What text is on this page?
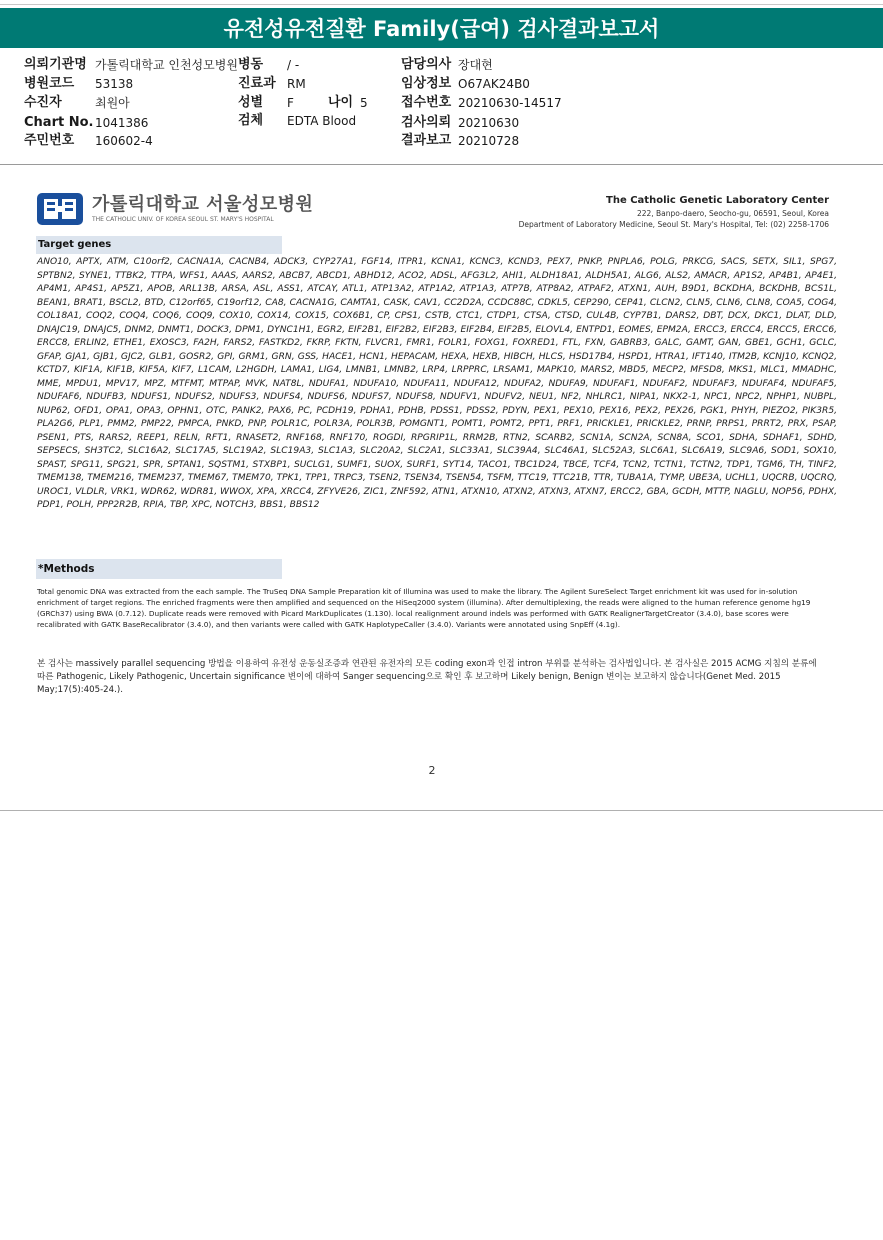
유전성유전질환 Family(급여) 검사결과보고서
의뢰기관명 가톨릭대학교 인천성모병원 병동 / -	담당의사 장대현
병원코드 53138	진료과 RM	임상정보 O67AK24B0
수진자	최원아	성별 F	나이 5	접수번호 20210630-14517
Chart No. 1041386	검체 EDTA Blood	검사의뢰 20210630
주민번호 160602-4	결과보고 20210728
가톨릭대학교 서울성모병원
THE CATHOLIC UNIV. OF KOREA SEOUL ST. MARY'S HOSPITAL
The Catholic Genetic Laboratory Center
222, Banpo-daero, Seocho-gu, 06591, Seoul, Korea
Department of Laboratory Medicine, Seoul St. Mary's Hospital, Tel: (02) 2258-1706
Target genes
ANO10, APTX, ATM, C10orf2, CACNA1A, CACNB4, ADCK3, CYP27A1, FGF14, ITPR1, KCNA1, KCNC3, KCND3, PEX7, PNKP, PNPLA6, POLG, PRKCG, SACS, SETX, SIL1, SPG7, SPTBN2, SYNE1, TTBK2, TTPA, WFS1, AAAS, AARS2, ABCB7, ABCD1, ABHD12, ACO2, ADSL, AFG3L2, AHI1, ALDH18A1, ALDH5A1, ALG6, ALS2, AMACR, AP1S2, AP4B1, AP4E1, AP4M1, AP4S1, AP5Z1, APOB, ARL13B, ARSA, ASL, ASS1, ATCAY, ATL1, ATP13A2, ATP1A2, ATP1A3, ATP7B, ATP8A2, ATPAF2, ATXN1, AUH, B9D1, BCKDHA, BCKDHB, BCS1L, BEAN1, BRAT1, BSCL2, BTD, C12orf65, C19orf12, CA8, CACNA1G, CAMTA1, CASK, CAV1, CC2D2A, CCDC88C, CDKL5, CEP290, CEP41, CLCN2, CLN5, CLN6, CLN8, COA5, COG4, COL18A1, COQ2, COQ4, COQ6, COQ9, COX10, COX14, COX15, COX6B1, CP, CPS1, CSTB, CTC1, CTDP1, CTSA, CTSD, CUL4B, CYP7B1, DARS2, DBT, DCX, DKC1, DLAT, DLD, DNAJC19, DNAJC5, DNM2, DNMT1, DOCK3, DPM1, DYNC1H1, EGR2, EIF2B1, EIF2B2, EIF2B3, EIF2B4, EIF2B5, ELOVL4, ENTPD1, EOMES, EPM2A, ERCC3, ERCC4, ERCC5, ERCC6, ERCC8, ERLIN2, ETHE1, EXOSC3, FA2H, FARS2, FASTKD2, FKRP, FKTN, FLVCR1, FMR1, FOLR1, FOXG1, FOXRED1, FTL, FXN, GABRB3, GALC, GAMT, GAN, GBE1, GCH1, GCLC, GFAP, GJA1, GJB1, GJC2, GLB1, GOSR2, GPI, GRM1, GRN, GSS, HACE1, HCN1, HEPACAM, HEXA, HEXB, HIBCH, HLCS, HSD17B4, HSPD1, HTRA1, IFT140, ITM2B, KCNJ10, KCNQ2, KCTD7, KIF1A, KIF1B, KIF5A, KIF7, L1CAM, L2HGDH, LAMA1, LIG4, LMNB1, LMNB2, LRP4, LRPPRC, LRSAM1, MAPK10, MARS2, MBD5, MECP2, MFSD8, MKS1, MLC1, MMADHC, MME, MPDU1, MPV17, MPZ, MTFMT, MTPAP, MVK, NAT8L, NDUFA1, NDUFA10, NDUFA11, NDUFA12, NDUFA2, NDUFA9, NDUFAF1, NDUFAF2, NDUFAF3, NDUFAF4, NDUFAF5, NDUFAF6, NDUFB3, NDUFS1, NDUFS2, NDUFS3, NDUFS4, NDUFS6, NDUFS7, NDUFS8, NDUFV1, NDUFV2, NEU1, NF2, NHLRC1, NIPA1, NKX2-1, NPC1, NPC2, NPHP1, NUBPL, NUP62, OFD1, OPA1, OPA3, OPHN1, OTC, PANK2, PAX6, PC, PCDH19, PDHA1, PDHB, PDSS1, PDSS2, PDYN, PEX1, PEX10, PEX16, PEX2, PEX26, PGK1, PHYH, PIEZO2, PIK3R5, PLA2G6, PLP1, PMM2, PMP22, PMPCA, PNKD, PNP, POLR1C, POLR3A, POLR3B, POMGNT1, POMT1, POMT2, PPT1, PRF1, PRICKLE1, PRICKLE2, PRNP, PRPS1, PRRT2, PRX, PSAP, PSEN1, PTS, RARS2, REEP1, RELN, RFT1, RNASET2, RNF168, RNF170, ROGDI, RPGRIP1L, RRM2B, RTN2, SCARB2, SCN1A, SCN2A, SCN8A, SCO1, SDHA, SDHAF1, SDHD, SEPSECS, SH3TC2, SLC16A2, SLC17A5, SLC19A2, SLC19A3, SLC1A3, SLC20A2, SLC2A1, SLC33A1, SLC39A4, SLC46A1, SLC52A3, SLC6A1, SLC6A19, SLC9A6, SOD1, SOX10, SPAST, SPG11, SPG21, SPR, SPTAN1, SQSTM1, STXBP1, SUCLG1, SUMF1, SUOX, SURF1, SYT14, TACO1, TBC1D24, TBCE, TCF4, TCN2, TCTN1, TCTN2, TDP1, TGM6, TH, TINF2, TMEM138, TMEM216, TMEM237, TMEM67, TMEM70, TPK1, TPP1, TRPC3, TSEN2, TSEN34, TSEN54, TSFM, TTC19, TTC21B, TTR, TUBA1A, TYMP, UBE3A, UCHL1, UQCRB, UQCRQ, UROC1, VLDLR, VRK1, WDR62, WDR81, WWOX, XPA, XRCC4, ZFYVE26, ZIC1, ZNF592, ATN1, ATXN10, ATXN2, ATXN3, ATXN7, ERCC2, GBA, GCDH, MTTP, NAGLU, NOP56, PDHX, PDP1, POLH, PPP2R2B, RPIA, TBP, XPC, NOTCH3, BBS1, BBS12
*Methods
Total genomic DNA was extracted from the each sample. The TruSeq DNA Sample Preparation kit of Illumina was used to make the library. The Agilent SureSelect Target enrichment kit was used for in-solution enrichment of target regions. The enriched fragments were then amplified and sequenced on the HiSeq2000 system (illumina). After demultiplexing, the reads were aligned to the human reference genome hg19 (GRCh37) using BWA (0.7.12). Duplicate reads were removed with Picard MarkDuplicates (1.130). local realignment around indels was performed with GATK RealignerTargetCreator (3.4.0), base scores were recalibrated with GATK BaseRecalibrator (3.4.0), and then variants were called with GATK HaplotypeCaller (3.4.0). Variants were annotated using SnpEff (4.1g).
본 검사는 massively parallel sequencing 방법을 이용하여 유전성 운동실조증과 연관된 유전자의 모든 coding exon과 인접 intron 부위를 분석하는 검사법입니다. 본 검사실은 2015 ACMG 지침의 분류에 따른 Pathogenic, Likely Pathogenic, Uncertain significance 변이에 대하여 Sanger sequencing으로 확인 후 보고하며 Likely benign, Benign 변이는 보고하지 않습니다(Genet Med. 2015 May;17(5):405-24.).
2
